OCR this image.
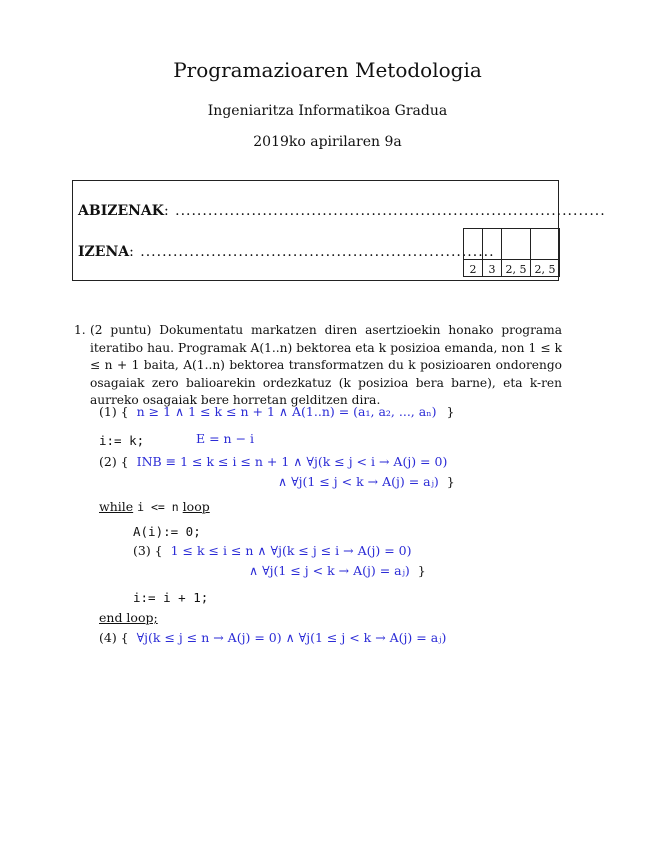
Programazioaren Metodologia
Ingeniaritza Informatikoa Gradua
2019ko apirilaren 9a
ABIZENAK: ...............................................................................
IZENA: .................................................................

2	3	2, 5	2, 5
1. (2 puntu) Dokumentatu markatzen diren asertzioekin honako programa iteratibo hau. Programak A(1..n) bektorea eta k posizioa emanda, non 1 ≤ k ≤ n + 1 baita, A(1..n) bektorea transformatzen du k posizioaren ondorengo osagaiak zero balioarekin ordezkatuz (k posizioa bera barne), eta k-ren aurreko osagaiak bere horretan gelditzen dira.
(1) { n ≥ 1 ∧ 1 ≤ k ≤ n + 1 ∧ A(1..n) = (a₁, a₂, ..., aₙ) }
i:= k;	E = n − i
(2) { INB ≡ 1 ≤ k ≤ i ≤ n + 1 ∧ ∀j(k ≤ j < i → A(j) = 0)
∧ ∀j(1 ≤ j < k → A(j) = aⱼ) }
while i <= n loop
A(i):= 0;
(3) { 1 ≤ k ≤ i ≤ n ∧ ∀j(k ≤ j ≤ i → A(j) = 0)
∧ ∀j(1 ≤ j < k → A(j) = aⱼ) }
i:= i + 1;
end loop;
(4) { ∀j(k ≤ j ≤ n → A(j) = 0) ∧ ∀j(1 ≤ j < k → A(j) = aⱼ)
